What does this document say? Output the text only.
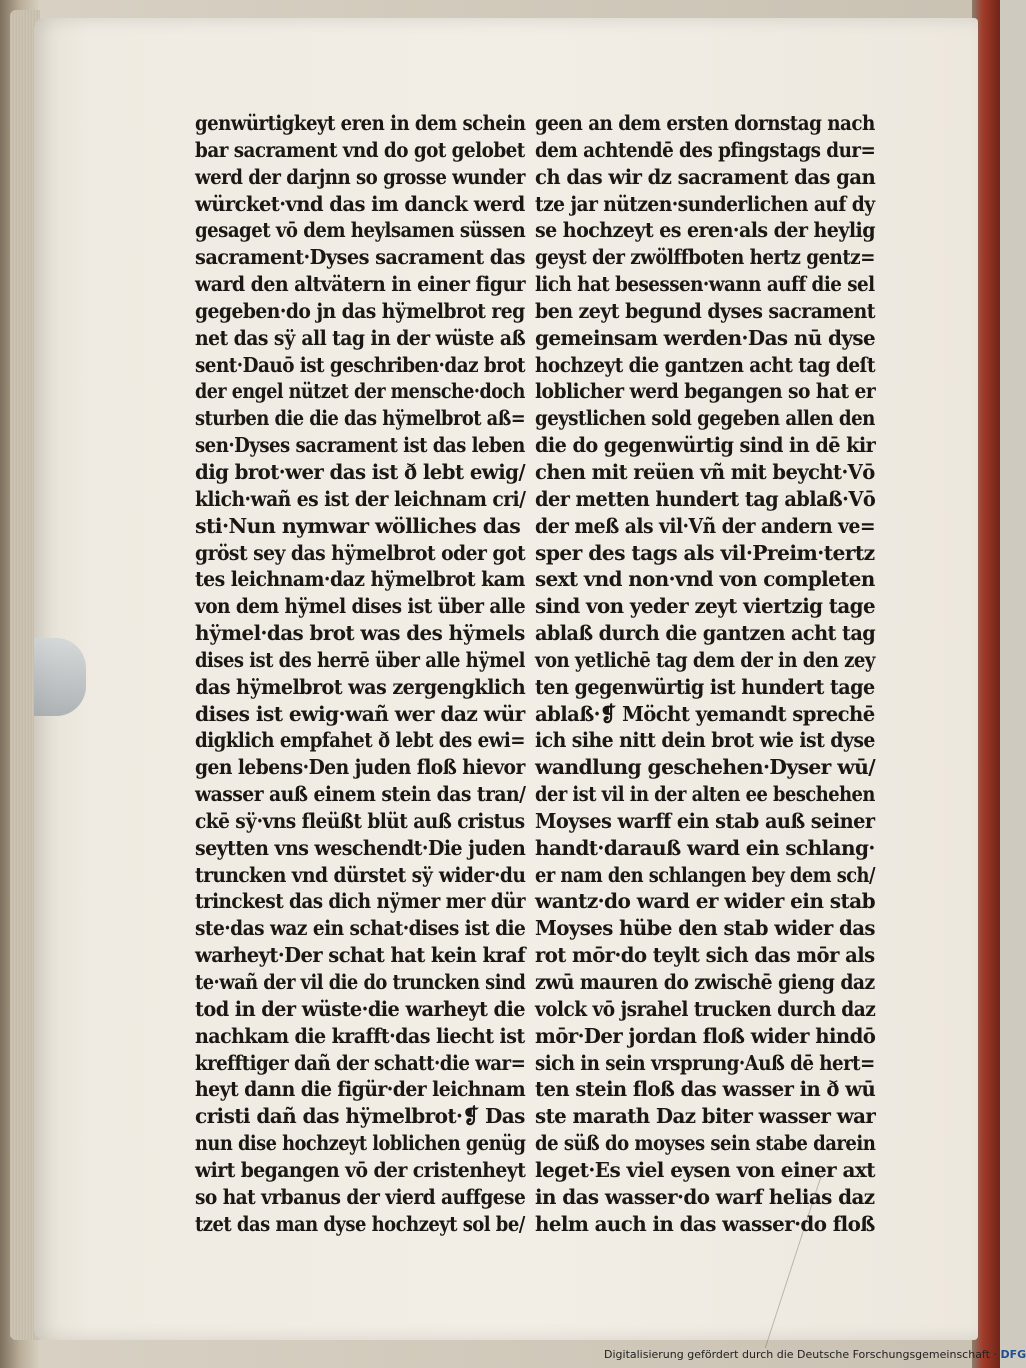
genwürtigkeyt eren in dem schein
bar sacrament vnd do got gelobet
werd der darjnn so grosse wunder
würcket·vnd das im danck werd
gesaget vō dem heylsamen süssen
sacrament·Dyses sacrament das
ward den altvätern in einer figur
gegeben·do jn das hӱmelbrot reg
net das sӱ all tag in der wüste aß
sent·Dauō ist geschriben·daz brot
der engel nützet der mensche·doch
sturben die die das hӱmelbrot aß=
sen·Dyses sacrament ist das leben
dig brot·wer das ist ð lebt ewig/
klich·wañ es ist der leichnam cri/
sti·Nun nymwar wölliches das
gröst sey das hӱmelbrot oder got
tes leichnam·daz hӱmelbrot kam
von dem hӱmel dises ist über alle
hӱmel·das brot was des hӱmels
dises ist des herrē über alle hӱmel
das hӱmelbrot was zergengklich
dises ist ewig·wañ wer daz wür
digklich empfahet ð lebt des ewi=
gen lebens·Den juden floß hievor
wasser auß einem stein das tran/
ckē sӱ·vns fleüßt blüt auß cristus
seytten vns weschendt·Die juden
truncken vnd dürstet sӱ wider·du
trinckest das dich nӱmer mer dür
ste·das waz ein schat·dises ist die
warheyt·Der schat hat kein kraf
te·wañ der vil die do truncken sind
tod in der wüste·die warheyt die
nachkam die krafft·das liecht ist
krefftiger dañ der schatt·die war=
heyt dann die figür·der leichnam
cristi dañ das hӱmelbrot·❡ Das
nun dise hochzeyt loblichen genüg
wirt begangen vō der cristenheyt
so hat vrbanus der vierd auffgese
tzet das man dyse hochzeyt sol be/
geen an dem ersten dornstag nach
dem achtendē des pfingstags dur=
ch das wir dz sacrament das gan
tze jar nützen·sunderlichen auf dy
se hochzeyt es eren·als der heylig
geyst der zwölffboten hertz gentz=
lich hat besessen·wann auff die sel
ben zeyt begund dyses sacrament
gemeinsam werden·Das nū dyse
hochzeyt die gantzen acht tag deſt
loblicher werd begangen so hat er
geystlichen sold gegeben allen den
die do gegenwürtig sind in dē kir
chen mit reüen vñ mit beycht·Vō
der metten hundert tag ablaß·Vō
der meß als vil·Vñ der andern ve=
sper des tags als vil·Preim·tertz
sext vnd non·vnd von completen
sind von yeder zeyt viertzig tage
ablaß durch die gantzen acht tag
von yetlichē tag dem der in den zey
ten gegenwürtig ist hundert tage
ablaß·❡ Möcht yemandt sprechē
ich sihe nitt dein brot wie ist dyse
wandlung geschehen·Dyser wū/
der ist vil in der alten ee beschehen
Moyses warff ein stab auß seiner
handt·darauß ward ein schlang·
er nam den schlangen bey dem sch/
wantz·do ward er wider ein stab
Moyses hübe den stab wider das
rot mōr·do teylt sich das mōr als
zwū mauren do zwischē gieng daz
volck vō jsrahel trucken durch daz
mōr·Der jordan floß wider hindō
sich in sein vrsprung·Auß dē hert=
ten stein floß das wasser in ð wū
ste marath Daz biter wasser war
de süß do moyses sein stabe darein
leget·Es viel eysen von einer axt
in das wasser·do warf helias daz
helm auch in das wasser·do floß
Digitalisierung gefördert durch die Deutsche Forschungsgemeinschaft · DFG
